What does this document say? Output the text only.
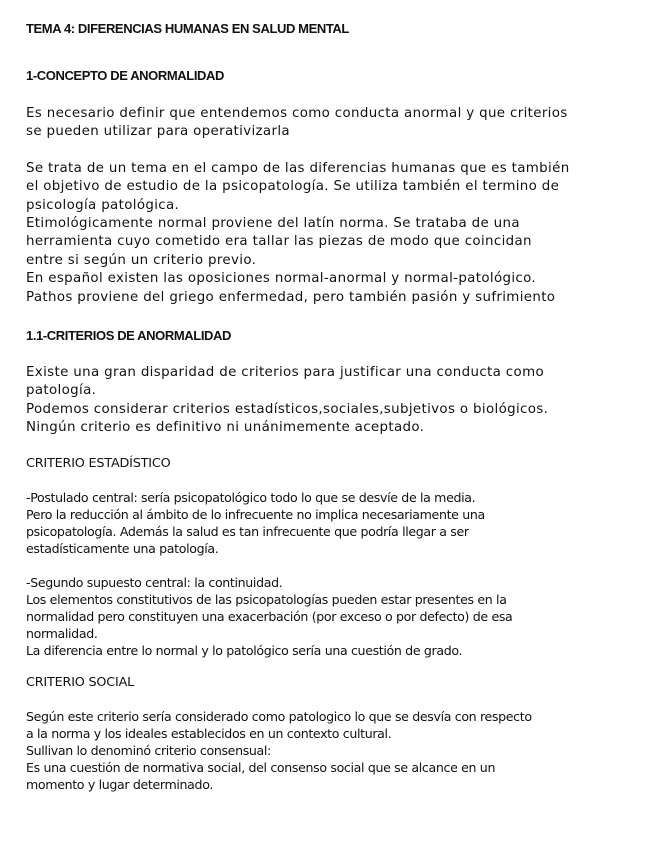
TEMA 4: DIFERENCIAS HUMANAS EN SALUD MENTAL
1-CONCEPTO DE ANORMALIDAD
Es necesario definir que entendemos como conducta anormal y que criterios
se pueden utilizar para operativizarla
Se trata de un tema en el campo de las diferencias humanas que es también
el objetivo de estudio de la psicopatología. Se utiliza también el termino de
psicología patológica.
Etimológicamente normal proviene del latín norma. Se trataba de una
herramienta cuyo cometido era tallar las piezas de modo que coincidan
entre si según un criterio previo.
En español existen las oposiciones normal-anormal y normal-patológico.
Pathos proviene del griego enfermedad, pero también pasión y sufrimiento
1.1-CRITERIOS DE ANORMALIDAD
Existe una gran disparidad de criterios para justificar una conducta como
patología.
Podemos considerar criterios estadísticos,sociales,subjetivos o biológicos.
Ningún criterio es definitivo ni unánimemente aceptado.
CRITERIO ESTADÍSTICO
-Postulado central: sería psicopatológico todo lo que se desvíe de la media.
Pero la reducción al ámbito de lo infrecuente no implica necesariamente una
psicopatología. Además la salud es tan infrecuente que podría llegar a ser
estadísticamente una patología.
-Segundo supuesto central: la continuidad.
Los elementos constitutivos de las psicopatologías pueden estar presentes en la
normalidad pero constituyen una exacerbación (por exceso o por defecto) de esa
normalidad.
La diferencia entre lo normal y lo patológico sería una cuestión de grado.
CRITERIO SOCIAL
Según este criterio sería considerado como patologico lo que se desvía con respecto
a la norma y los ideales establecidos en un contexto cultural.
Sullivan lo denominó criterio consensual:
Es una cuestión de normativa social, del consenso social que se alcance en un
momento y lugar determinado.
